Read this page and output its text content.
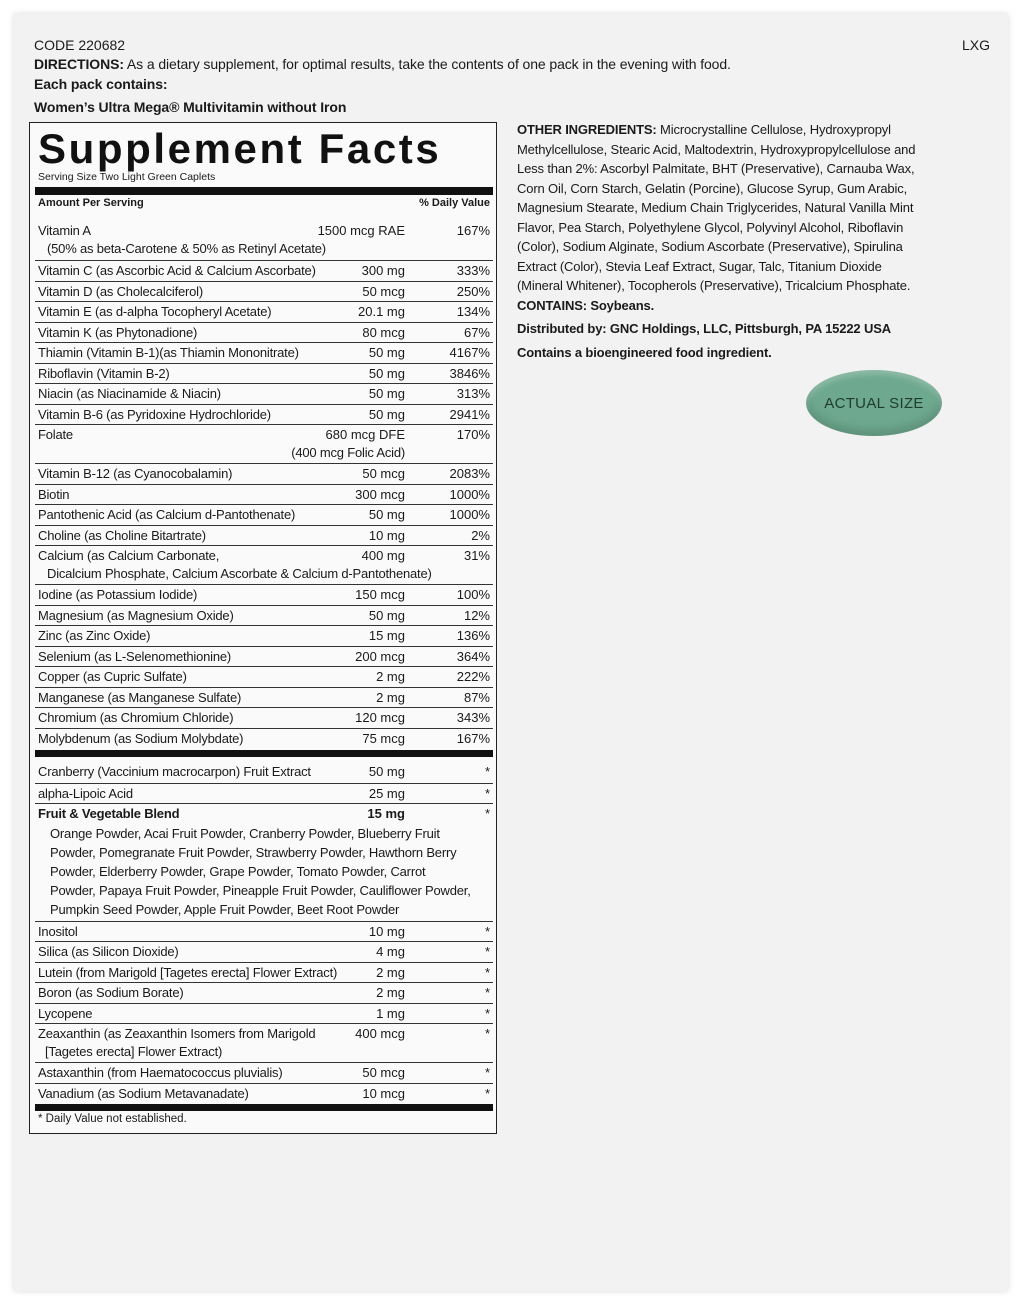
CODE 220682	LXG
DIRECTIONS: As a dietary supplement, for optimal results, take the contents of one pack in the evening with food.
Each pack contains:
Women’s Ultra Mega® Multivitamin without Iron
Supplement Facts
Serving Size Two Light Green Caplets
Amount Per Serving	% Daily Value
Vitamin A	1500 mcg RAE	167%
(50% as beta-Carotene & 50% as Retinyl Acetate)
Vitamin C (as Ascorbic Acid & Calcium Ascorbate)	300 mg	333%
Vitamin D (as Cholecalciferol)	50 mcg	250%
Vitamin E (as d-alpha Tocopheryl Acetate)	20.1 mg	134%
Vitamin K (as Phytonadione)	80 mcg	67%
Thiamin (Vitamin B-1)(as Thiamin Mononitrate)	50 mg	4167%
Riboflavin (Vitamin B-2)	50 mg	3846%
Niacin (as Niacinamide & Niacin)	50 mg	313%
Vitamin B-6 (as Pyridoxine Hydrochloride)	50 mg	2941%
Folate	680 mcg DFE	170%
(400 mcg Folic Acid)
Vitamin B-12 (as Cyanocobalamin)	50 mcg	2083%
Biotin	300 mcg	1000%
Pantothenic Acid (as Calcium d-Pantothenate)	50 mg	1000%
Choline (as Choline Bitartrate)	10 mg	2%
Calcium (as Calcium Carbonate,	400 mg	31%
Dicalcium Phosphate, Calcium Ascorbate & Calcium d-Pantothenate)
Iodine (as Potassium Iodide)	150 mcg	100%
Magnesium (as Magnesium Oxide)	50 mg	12%
Zinc (as Zinc Oxide)	15 mg	136%
Selenium (as L-Selenomethionine)	200 mcg	364%
Copper (as Cupric Sulfate)	2 mg	222%
Manganese (as Manganese Sulfate)	2 mg	87%
Chromium (as Chromium Chloride)	120 mcg	343%
Molybdenum (as Sodium Molybdate)	75 mcg	167%
Cranberry (Vaccinium macrocarpon) Fruit Extract	50 mg	*
alpha-Lipoic Acid	25 mg	*
Fruit & Vegetable Blend	15 mg	*
Orange Powder, Acai Fruit Powder, Cranberry Powder, Blueberry Fruit
Powder, Pomegranate Fruit Powder, Strawberry Powder, Hawthorn Berry
Powder, Elderberry Powder, Grape Powder, Tomato Powder, Carrot
Powder, Papaya Fruit Powder, Pineapple Fruit Powder, Cauliflower Powder,
Pumpkin Seed Powder, Apple Fruit Powder, Beet Root Powder
Inositol	10 mg	*
Silica (as Silicon Dioxide)	4 mg	*
Lutein (from Marigold [Tagetes erecta] Flower Extract)	2 mg	*
Boron (as Sodium Borate)	2 mg	*
Lycopene	1 mg	*
Zeaxanthin (as Zeaxanthin Isomers from Marigold	400 mcg	*
[Tagetes erecta] Flower Extract)
Astaxanthin (from Haematococcus pluvialis)	50 mcg	*
Vanadium (as Sodium Metavanadate)	10 mcg	*
* Daily Value not established.
OTHER INGREDIENTS: Microcrystalline Cellulose, Hydroxypropyl
Methylcellulose, Stearic Acid, Maltodextrin, Hydroxypropylcellulose and
Less than 2%: Ascorbyl Palmitate, BHT (Preservative), Carnauba Wax,
Corn Oil, Corn Starch, Gelatin (Porcine), Glucose Syrup, Gum Arabic,
Magnesium Stearate, Medium Chain Triglycerides, Natural Vanilla Mint
Flavor, Pea Starch, Polyethylene Glycol, Polyvinyl Alcohol, Riboflavin
(Color), Sodium Alginate, Sodium Ascorbate (Preservative), Spirulina
Extract (Color), Stevia Leaf Extract, Sugar, Talc, Titanium Dioxide
(Mineral Whitener), Tocopherols (Preservative), Tricalcium Phosphate.
CONTAINS: Soybeans.
Distributed by: GNC Holdings, LLC, Pittsburgh, PA 15222 USA
Contains a bioengineered food ingredient.
ACTUAL SIZE
